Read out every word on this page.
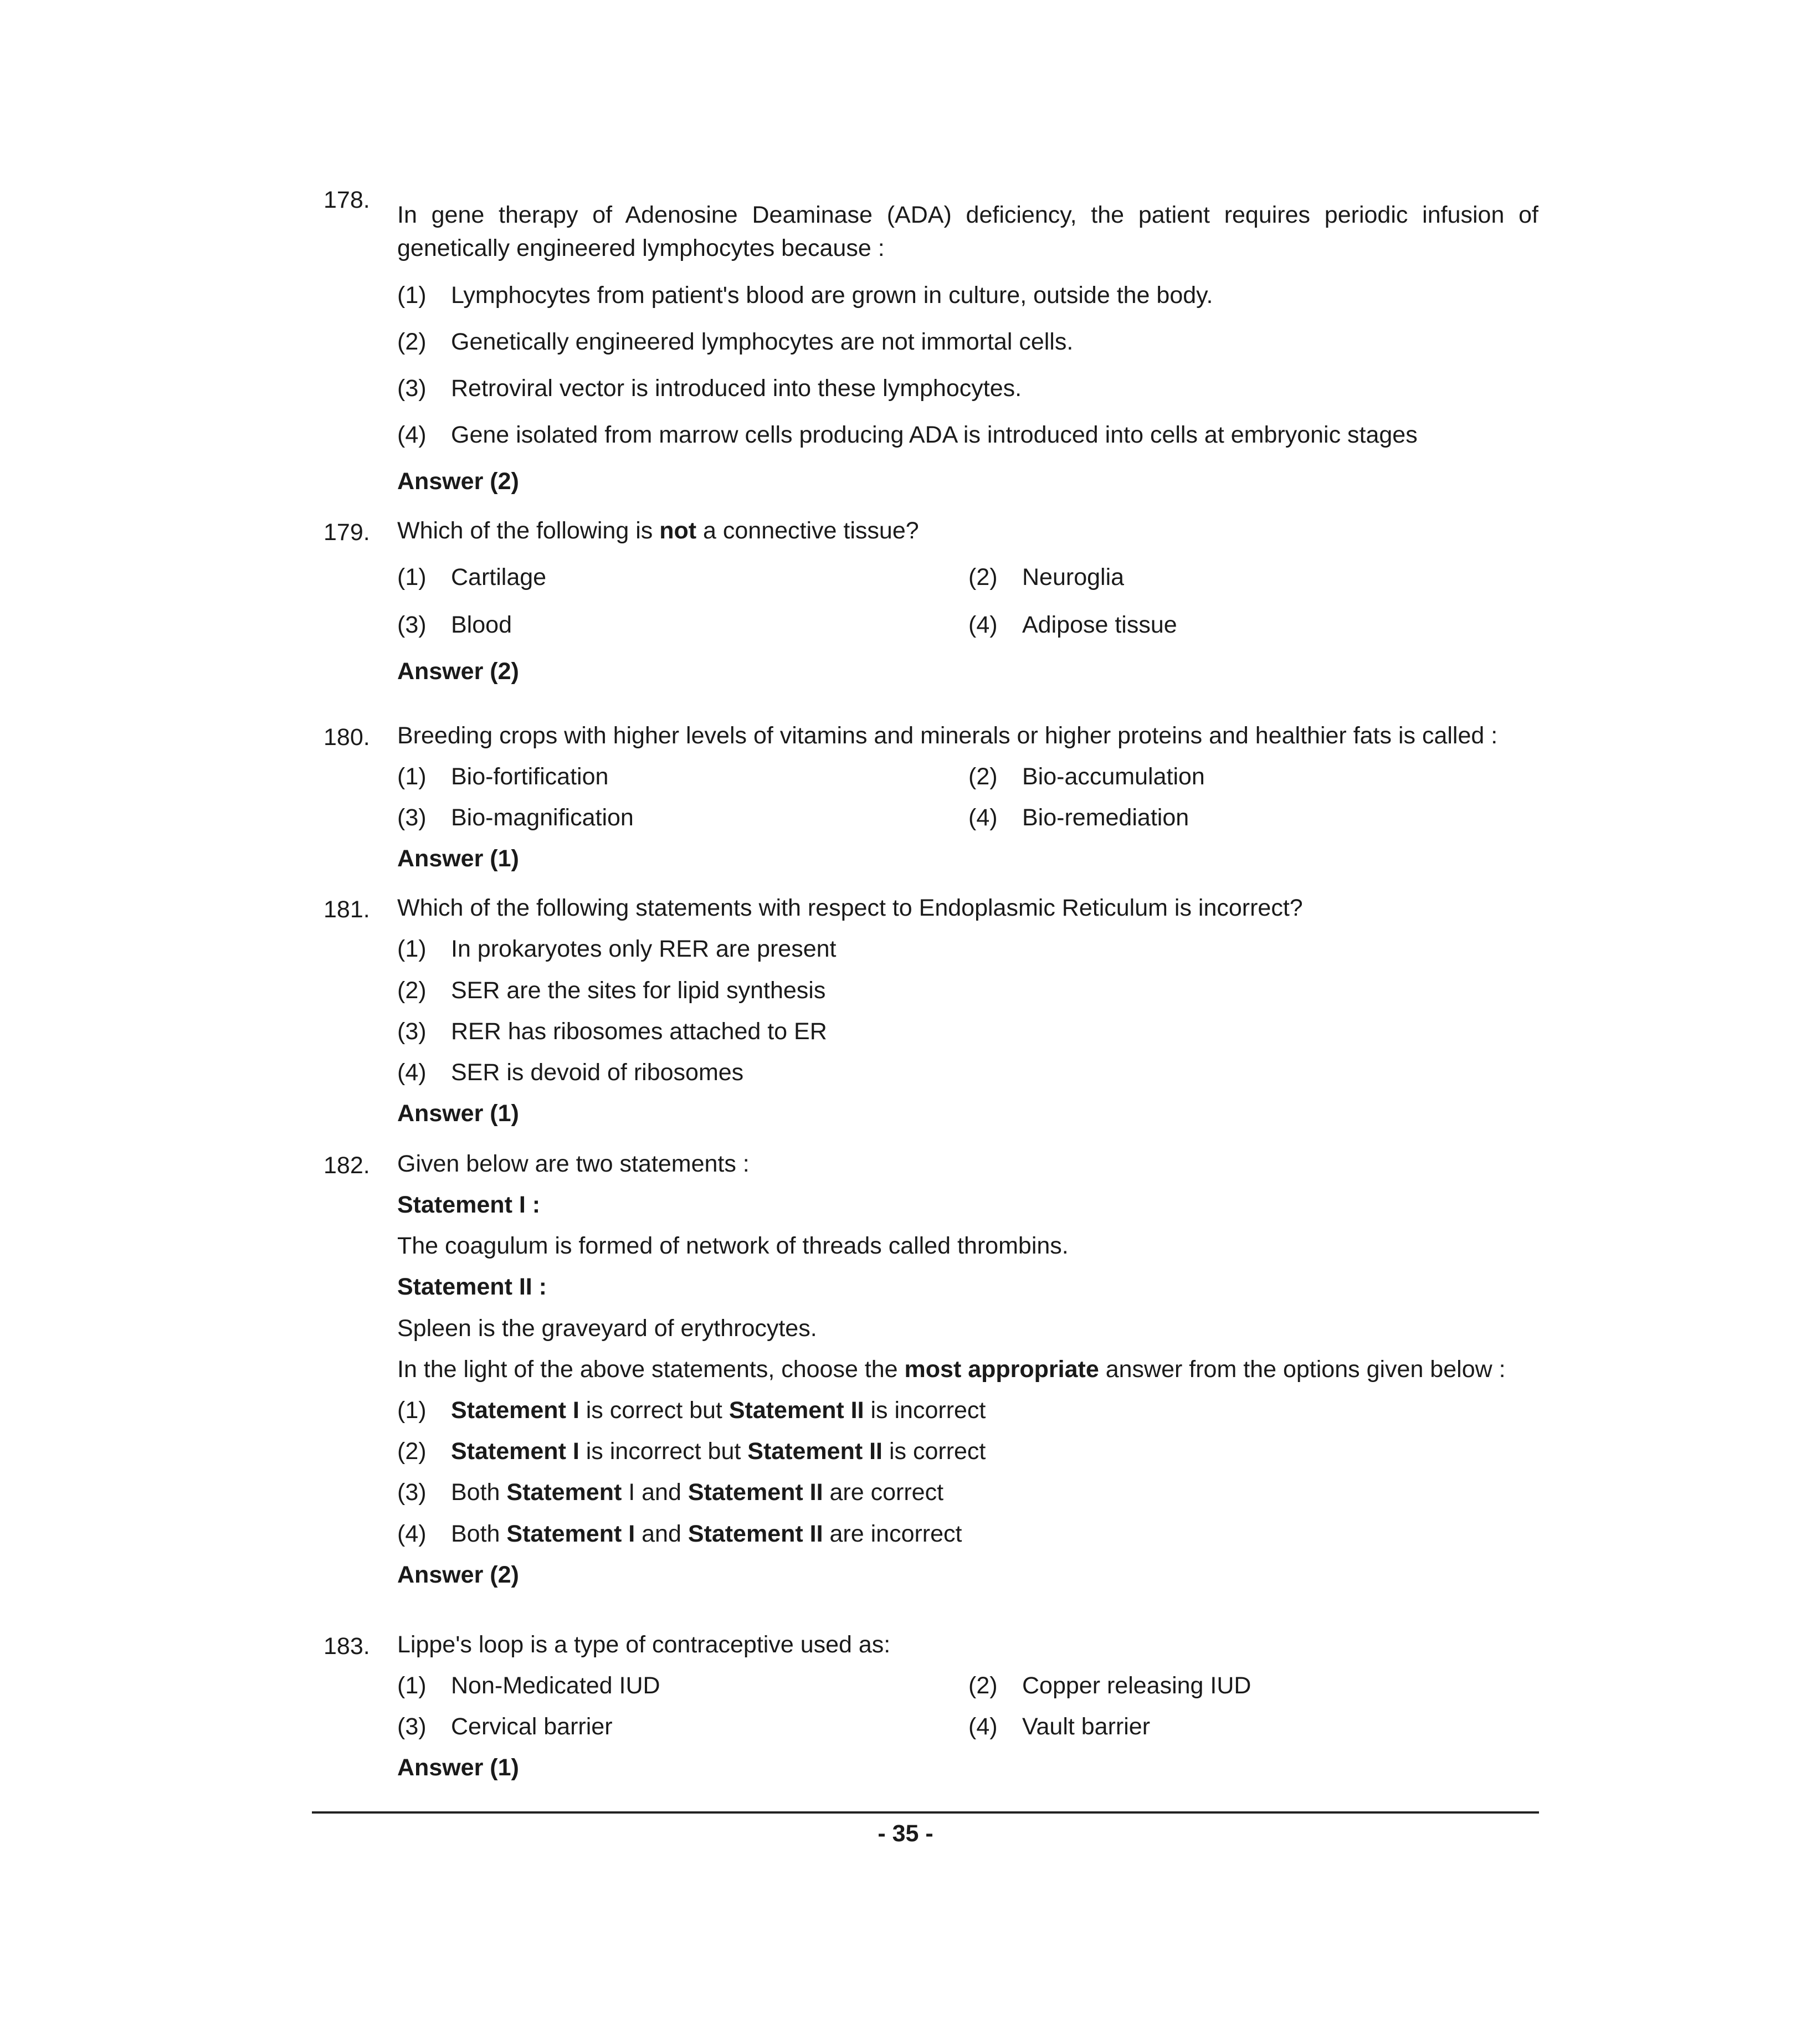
178.
In gene therapy of Adenosine Deaminase (ADA) deficiency, the patient requires periodic infusion of
genetically engineered lymphocytes because :
(1) Lymphocytes from patient's blood are grown in culture, outside the body.
(2) Genetically engineered lymphocytes are not immortal cells.
(3) Retroviral vector is introduced into these lymphocytes.
(4) Gene isolated from marrow cells producing ADA is introduced into cells at embryonic stages
Answer (2)
179. Which of the following is not a connective tissue?
(1) Cartilage	(2) Neuroglia
(3) Blood	(4) Adipose tissue
Answer (2)
180. Breeding crops with higher levels of vitamins and minerals or higher proteins and healthier fats is called :
(1) Bio-fortification	(2) Bio-accumulation
(3) Bio-magnification	(4) Bio-remediation
Answer (1)
181. Which of the following statements with respect to Endoplasmic Reticulum is incorrect?
(1) In prokaryotes only RER are present
(2) SER are the sites for lipid synthesis
(3) RER has ribosomes attached to ER
(4) SER is devoid of ribosomes
Answer (1)
182. Given below are two statements :
Statement I :
The coagulum is formed of network of threads called thrombins.
Statement II :
Spleen is the graveyard of erythrocytes.
In the light of the above statements, choose the most appropriate answer from the options given below :
(1) Statement I is correct but Statement II is incorrect
(2) Statement I is incorrect but Statement II is correct
(3) Both Statement I and Statement II are correct
(4) Both Statement I and Statement II are incorrect
Answer (2)
183. Lippe's loop is a type of contraceptive used as:
(1) Non-Medicated IUD	(2) Copper releasing IUD
(3) Cervical barrier	(4) Vault barrier
Answer (1)
- 35 -
